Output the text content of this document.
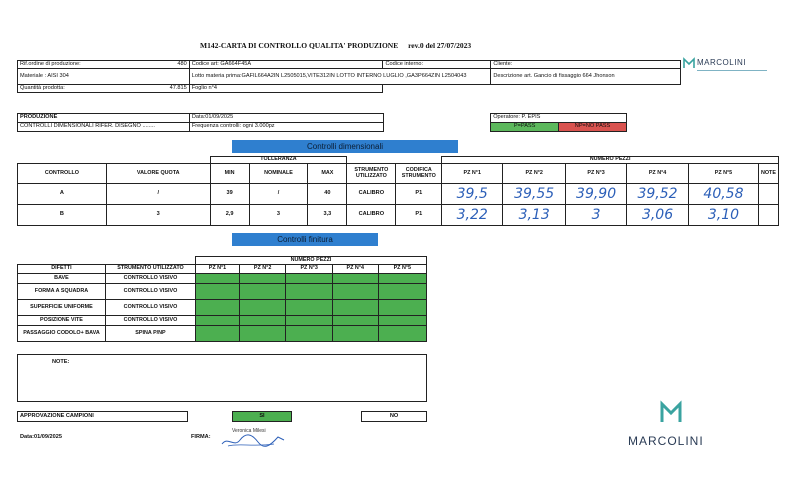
M142-CARTA DI CONTROLLO QUALITA' PRODUZIONE rev.0 del 27/07/2023
MARCOLINI
Rif.ordine di produzione: 480	Codice art: GA664F45A	Codice interno:	Cliente:
Materiale : AISI 304	Lotto materia prima:GAFIL664A2IN L2505015,VITE312IN LOTTO INTERNO LUGLIO ,GA3P664ZIN L2504043		Descrizione art. Gancio di fissaggio 664 Jhonson
Quantità prodotta: 47.815	Foglio n°4		
PRODUZIONE	Data:01/09/2025		Operatore: P. EPIS	
CONTROLLI DIMENSIONALI RIFER. DISEGNO ........	Frequenza controlli: ogni 3.000pz		P=PASS	NP=NO PASS
Controlli dimensionali
		TOLLERANZA					NUMERO PEZZI					
CONTROLLO	VALORE QUOTA	MIN	NOMINALE	MAX	STRUMENTO UTILIZZATO	CODIFICA STRUMENTO	PZ N°1	PZ N°2	PZ N°3	PZ N°4	PZ N°5	NOTE
A	/	39	/	40	CALIBRO	P1	39,5	39,55	39,90	39,52	40,58	
B	3	2,9	3	3,3	CALIBRO	P1	3,22	3,13	3	3,06	3,10	
Controlli finitura
		NUMERO PEZZI				
DIFETTI	STRUMENTO UTILIZZATO	PZ N°1	PZ N°2	PZ N°3	PZ N°4	PZ N°5
BAVE	CONTROLLO VISIVO					
FORMA A SQUADRA	CONTROLLO VISIVO					
SUPERFICIE UNIFORME	CONTROLLO VISIVO					
POSIZIONE VITE	CONTROLLO VISIVO					
PASSAGGIO CODOLO+ BAVA	SPINA P/NP					
NOTE:
APPROVAZIONE CAMPIONI		SI		NO
Data:01/09/2025	FIRMA:
Veronica Milesi
MARCOLINI
